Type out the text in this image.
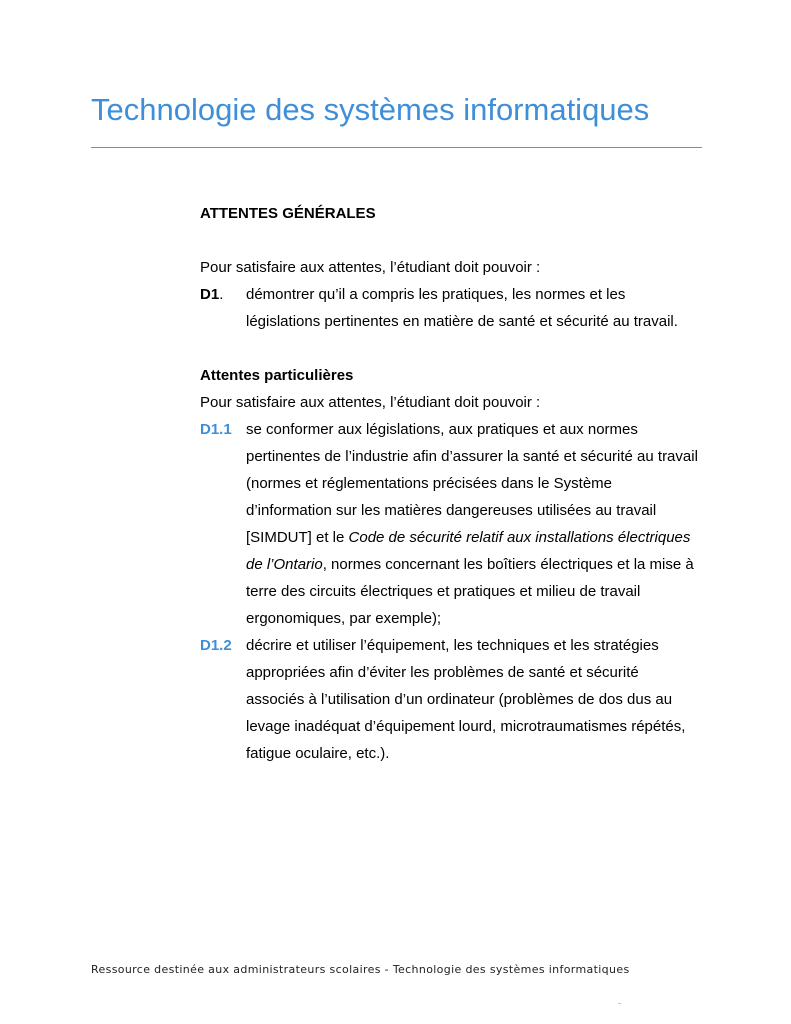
Technologie des systèmes informatiques

ATTENTES GÉNÉRALES

Pour satisfaire aux attentes, l’étudiant doit pouvoir :

D1.	démontrer qu’il a compris les pratiques, les normes et les législations pertinentes en matière de santé et sécurité au travail.

Attentes particulières

Pour satisfaire aux attentes, l’étudiant doit pouvoir :

D1.1 se conformer aux législations, aux pratiques et aux normes pertinentes de l’industrie afin d’assurer la santé et sécurité au travail (normes et réglementations précisées dans le Système d’information sur les matières dangereuses utilisées au travail [SIMDUT] et le Code de sécurité relatif aux installations électriques de l’Ontario, normes concernant les boîtiers électriques et la mise à terre des circuits électriques et pratiques et milieu de travail ergonomiques, par exemple);
D1.2 décrire et utiliser l’équipement, les techniques et les stratégies appropriées afin d’éviter les problèmes de santé et sécurité associés à l’utilisation d’un ordinateur (problèmes de dos dus au levage inadéquat d’équipement lourd, microtraumatismes répétés, fatigue oculaire, etc.).
Ressource destinée aux administrateurs scolaires - Technologie des systèmes informatiques
